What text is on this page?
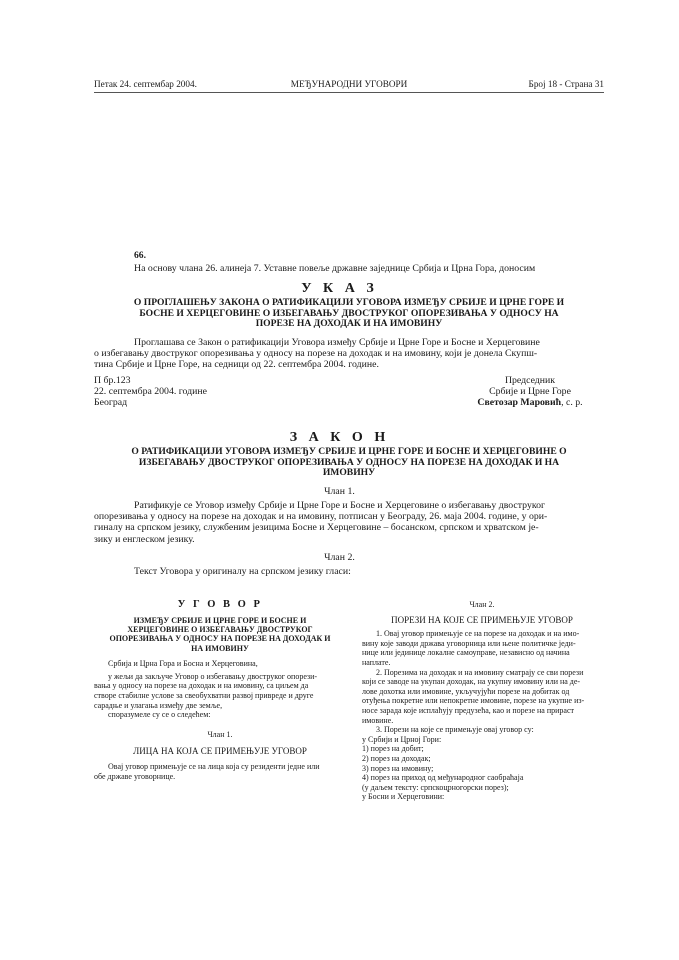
Петак 24. септембар 2004.	МЕЂУНАРОДНИ УГОВОРИ	Број 18 - Страна 31
66.
На основу члана 26. алинеја 7. Уставне повеље државне заједнице Србија и Црна Гора, доносим
У К А З
О ПРОГЛАШЕЊУ ЗАКОНА О РАТИФИКАЦИЈИ УГОВОРА ИЗМЕЂУ СРБИЈЕ И ЦРНЕ ГОРЕ И
БОСНЕ И ХЕРЦЕГОВИНЕ О ИЗБЕГАВАЊУ ДВОСТРУКОГ ОПОРЕЗИВАЊА У ОДНОСУ НА
ПОРЕЗЕ НА ДОХОДАК И НА ИМОВИНУ
Проглашава се Закон о ратификацији Уговора између Србије и Црне Горе и Босне и Херцеговине
о избегавању двоструког опорезивања у односу на порезе на доходак и на имовину, који је донела Скупш-
тина Србије и Црне Горе, на седници од 22. септембра 2004. године.
П бр.123
22. септембра 2004. године
Београд
Председник
Србије и Црне Горе
Светозар Маровић, с. р.
З А К О Н
О РАТИФИКАЦИЈИ УГОВОРА ИЗМЕЂУ СРБИЈЕ И ЦРНЕ ГОРЕ И БОСНЕ И ХЕРЦЕГОВИНЕ О
ИЗБЕГАВАЊУ ДВОСТРУКОГ ОПОРЕЗИВАЊА У ОДНОСУ НА ПОРЕЗЕ НА ДОХОДАК И НА
ИМОВИНУ
Члан 1.
Ратификује се Уговор између Србије и Црне Горе и Босне и Херцеговине о избегавању двоструког
опорезивања у односу на порезе на доходак и на имовину, потписан у Београду, 26. маја 2004. године, у ори-
гиналу на српском језику, службеним језицима Босне и Херцеговине – босанском, српском и хрватском је-
зику и енглеском језику.
Члан 2.
Текст Уговора у оригиналу на српском језику гласи:
У Г О В О Р
ИЗМЕЂУ СРБИЈЕ И ЦРНЕ ГОРЕ И БОСНЕ И
ХЕРЦЕГОВИНЕ О ИЗБЕГАВАЊУ ДВОСТРУКОГ
ОПОРЕЗИВАЊА У ОДНОСУ НА ПОРЕЗЕ НА ДОХОДАК И
НА ИМОВИНУ
Србија и Црна Гора и Босна и Херцеговина,
у жељи да закључе Уговор о избегавању двоструког опорези-
вања у односу на порезе на доходак и на имовину, са циљем да
створе стабилне услове за свеобухватни развој привреде и друге
сарадње и улагања између две земље,
споразумеле су се о следећем:
Члан 1.
ЛИЦА НА КОЈА СЕ ПРИМЕЊУЈЕ УГОВОР
Овај уговор примењује се на лица која су резиденти једне или
обе државе уговорнице.
Члан 2.
ПОРЕЗИ НА КОЈЕ СЕ ПРИМЕЊУЈЕ УГОВОР
1. Овај уговор примењује се на порезе на доходак и на имо-
вину које заводи држава уговорница или њене политичке једи-
нице или јединице локалне самоуправе, независно од начина
наплате.
2. Порезима на доходак и на имовину сматрају се сви порези
који се заводе на укупан доходак, на укупну имовину или на де-
лове дохотка или имовине, укључујући порезе на добитак од
отуђења покретне или непокретне имовине, порезе на укупне из-
носе зарада које исплаћују предузећа, као и порезе на прираст
имовине.
3. Порези на које се примењује овај уговор су:
у Србији и Црној Гори:
1) порез на добит;
2) порез на доходак;
3) порез на имовину;
4) порез на приход од међународног саобраћаја
(у даљем тексту: српскоцрногорски порез);
у Босни и Херцеговини:
